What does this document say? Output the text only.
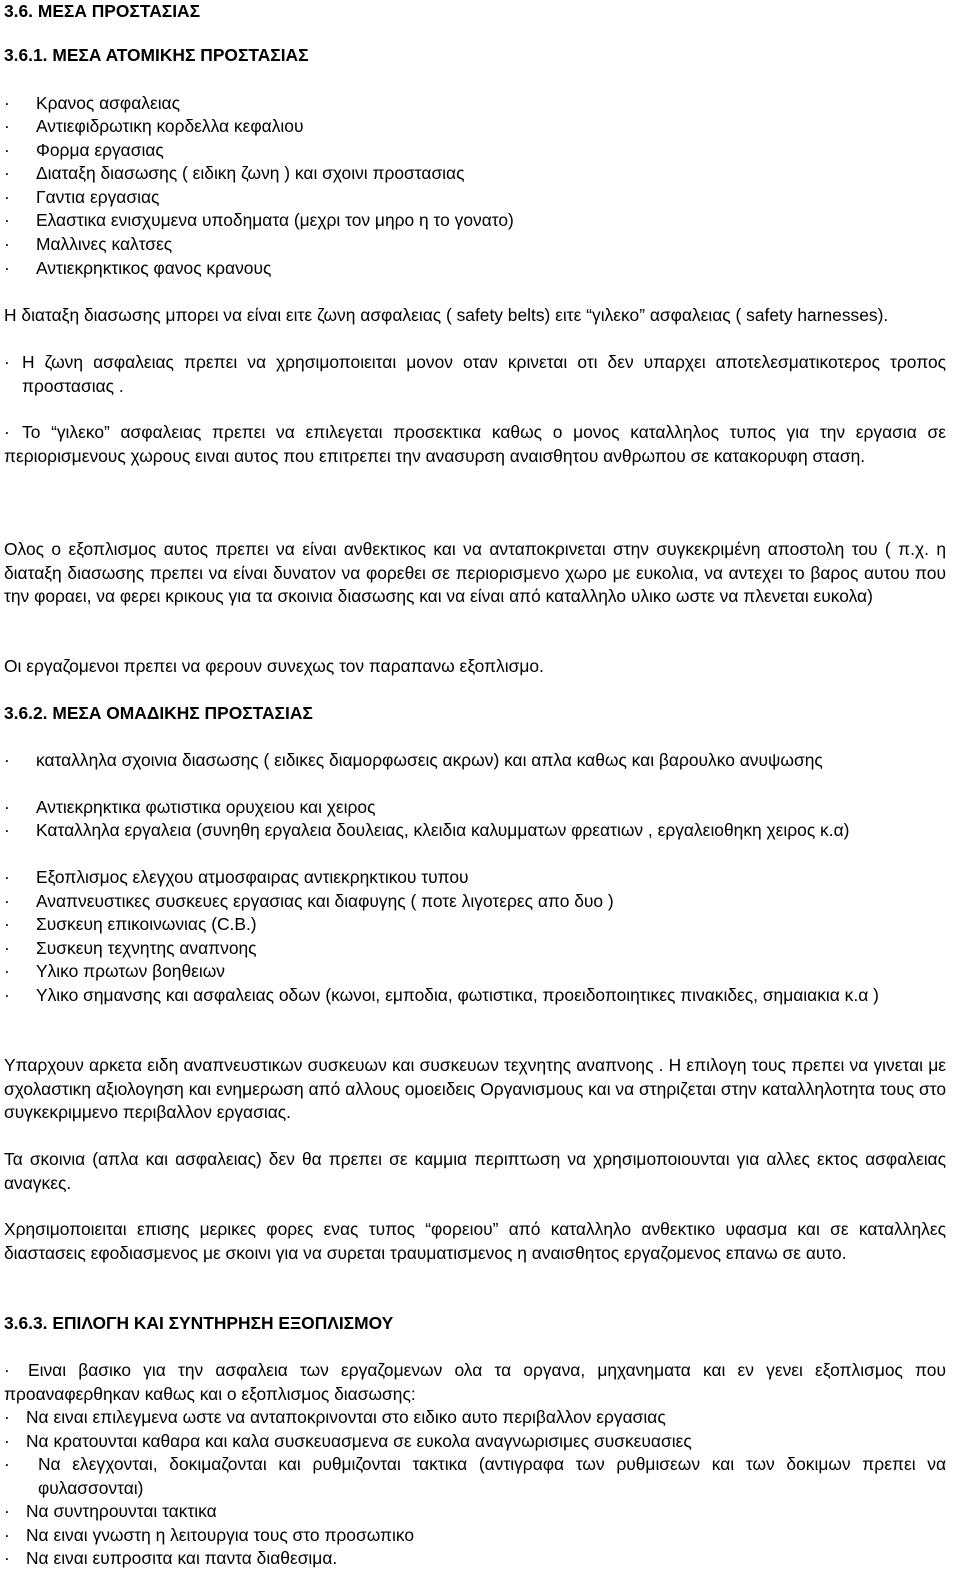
3.6. ΜΕΣΑ ΠΡΟΣΤΑΣΙΑΣ
3.6.1. ΜΕΣΑ ΑΤΟΜΙΚΗΣ ΠΡΟΣΤΑΣΙΑΣ
· Κρανος ασφαλειας
· Αντιεφιδρωτικη κορδελλα κεφαλιου
· Φορμα εργασιας
· Διαταξη διασωσης ( ειδικη ζωνη ) και σχοινι προστασιας
· Γαντια εργασιας
· Ελαστικα ενισχυμενα υποδηματα (μεχρι τον μηρο η το γονατο)
· Μαλλινες καλτσες
· Αντιεκρηκτικος φανος κρανους
Η διαταξη διασωσης μπορει να είναι ειτε ζωνη ασφαλειας ( safety belts) ειτε “γιλεκο” ασφαλειας ( safety harnesses).
· Η ζωνη ασφαλειας πρεπει να χρησιμοποιειται μονον οταν κρινεται οτι δεν υπαρχει αποτελεσματικοτερος τροπος προστασιας .
· Το “γιλεκο” ασφαλειας πρεπει να επιλεγεται προσεκτικα καθως ο μονος καταλληλος τυπος για την εργασια σε περιορισμενους χωρους ειναι αυτος που επιτρεπει την ανασυρση αναισθητου ανθρωπου σε κατακορυφη σταση.
Ολος ο εξοπλισμος αυτος πρεπει να είναι ανθεκτικος και να ανταποκρινεται στην συγκεκριμένη αποστολη του ( π.χ. η διαταξη διασωσης πρεπει να είναι δυνατον να φορεθει σε περιορισμενο χωρο με ευκολια, να αντεχει το βαρος αυτου που την φοραει, να φερει κρικους για τα σκοινια διασωσης και να είναι από καταλληλο υλικο ωστε να πλενεται ευκολα)
Οι εργαζομενοι πρεπει να φερουν συνεχως τον παραπανω εξοπλισμο.
3.6.2. ΜΕΣΑ ΟΜΑΔΙΚΗΣ ΠΡΟΣΤΑΣΙΑΣ
· καταλληλα σχοινια διασωσης ( ειδικες διαμορφωσεις ακρων) και απλα καθως και βαρουλκο ανυψωσης
· Αντιεκρηκτικα φωτιστικα ορυχειου και χειρος
· Καταλληλα εργαλεια (συνηθη εργαλεια δουλειας, κλειδια καλυμματων φρεατιων , εργαλειοθηκη χειρος κ.α)
· Εξοπλισμος ελεγχου ατμοσφαιρας αντιεκρηκτικου τυπου
· Αναπνευστικες συσκευες εργασιας και διαφυγης ( ποτε λιγοτερες απο δυο )
· Συσκευη επικοινωνιας (C.B.)
· Συσκευη τεχνητης αναπνοης
· Υλικο πρωτων βοηθειων
· Υλικο σημανσης και ασφαλειας οδων (κωνοι, εμποδια, φωτιστικα, προειδοποιητικες πινακιδες, σημαιακια κ.α )
Υπαρχουν αρκετα ειδη αναπνευστικων συσκευων και συσκευων τεχνητης αναπνοης . Η επιλογη τους πρεπει να γινεται με σχολαστικη αξιολογηση και ενημερωση από αλλους ομοειδεις Οργανισμους και να στηριζεται στην καταλληλοτητα τους στο συγκεκριμμενο περιβαλλον εργασιας.
Τα σκοινια (απλα και ασφαλειας) δεν θα πρεπει σε καμμια περιπτωση να χρησιμοποιουνται για αλλες εκτος ασφαλειας αναγκες.
Χρησιμοποιειται επισης μερικες φορες ενας τυπος “φορειου” από καταλληλο ανθεκτικο υφασμα και σε καταλληλες διαστασεις εφοδιασμενος με σκοινι για να συρεται τραυματισμενος η αναισθητος εργαζομενος επανω σε αυτο.
3.6.3. ΕΠΙΛΟΓΗ ΚΑΙ ΣΥΝΤΗΡΗΣΗ ΕΞΟΠΛΙΣΜΟΥ
·	Ειναι βασικο για την ασφαλεια των εργαζομενων ολα τα οργανα, μηχανηματα και εν γενει εξοπλισμος που προαναφερθηκαν καθως και ο εξοπλισμος διασωσης:
· Να ειναι επιλεγμενα ωστε να ανταποκρινονται στο ειδικο αυτο περιβαλλον εργασιας
· Να κρατουνται καθαρα και καλα συσκευασμενα σε ευκολα αναγνωρισιμες συσκευασιες
· Να ελεγχονται, δοκιμαζονται και ρυθμιζονται τακτικα (αντιγραφα των ρυθμισεων και των δοκιμων πρεπει να φυλασσονται)
· Να συντηρουνται τακτικα
· Να ειναι γνωστη η λειτουργια τους στο προσωπικο
· Να ειναι ευπροσιτα και παντα διαθεσιμα.
